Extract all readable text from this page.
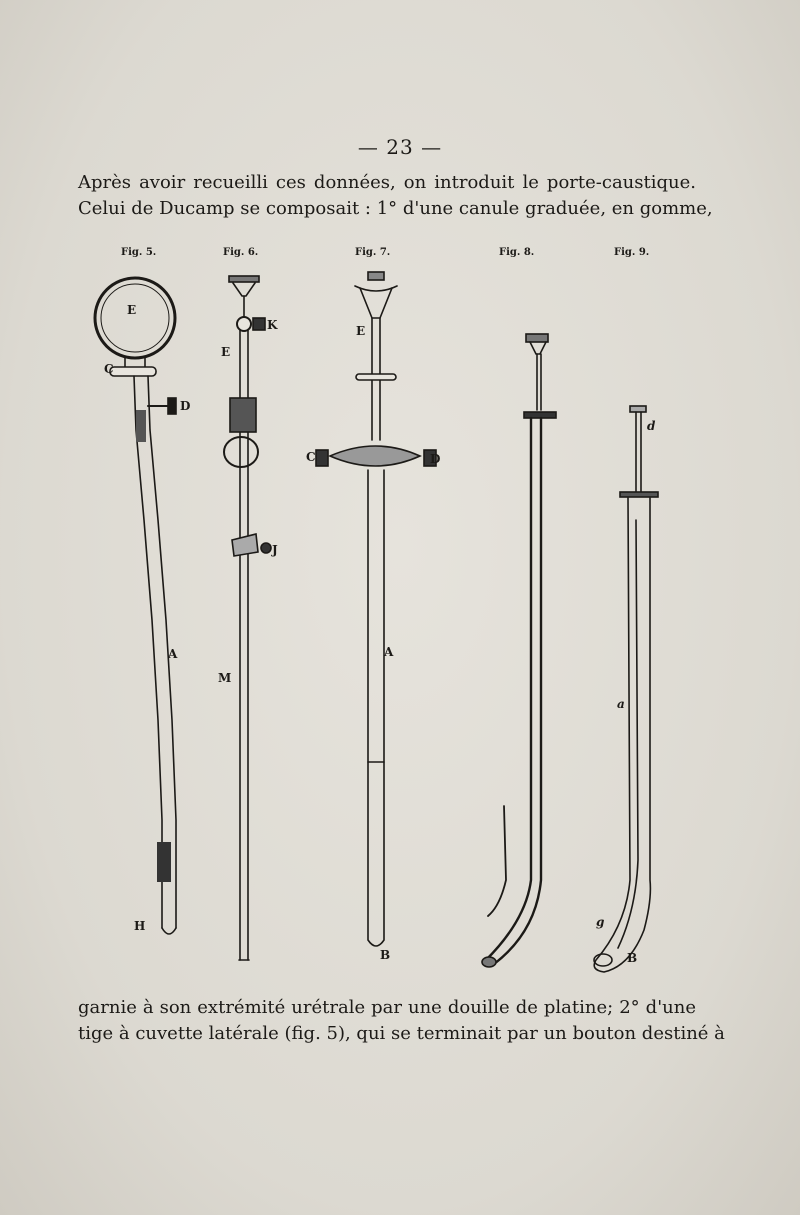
— 23 —

Après avoir recueilli ces données, on introduit le porte-caustique.
Celui de Ducamp se composait : 1° d'une canule graduée, en gomme,

Fig. 5.	Fig. 6.	Fig. 7.	Fig. 8.	Fig. 9.
E
C
D
A
H
K
E
J
M
E
C	D
A
B
d
a
g
B

garnie à son extrémité urétrale par une douille de platine; 2° d'une
tige à cuvette latérale (fig. 5), qui se terminait par un bouton destiné à
